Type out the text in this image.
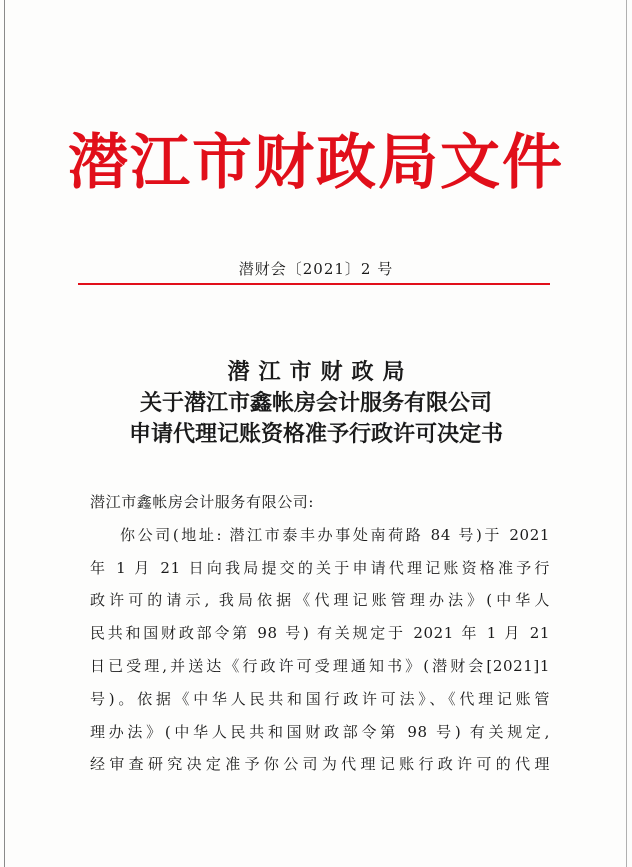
潜江市财政局文件
潜财会〔2021〕2 号
潜江市财政局
关于潜江市鑫帐房会计服务有限公司
申请代理记账资格准予行政许可决定书
潜江市鑫帐房会计服务有限公司:
你公司(地址: 潜江市泰丰办事处南荷路 84 号)于 2021
年 1 月 21 日向我局提交的关于申请代理记账资格准予行
政许可的请示, 我局依据《代理记账管理办法》(中华人
民共和国财政部令第 98 号) 有关规定于 2021 年 1 月 21
日已受理,并送达《行政许可受理通知书》(潜财会[2021]1
号)。依据《中华人民共和国行政许可法》、《代理记账管
理办法》(中华人民共和国财政部令第 98 号) 有关规定,
经审查研究决定准予你公司为代理记账行政许可的代理
